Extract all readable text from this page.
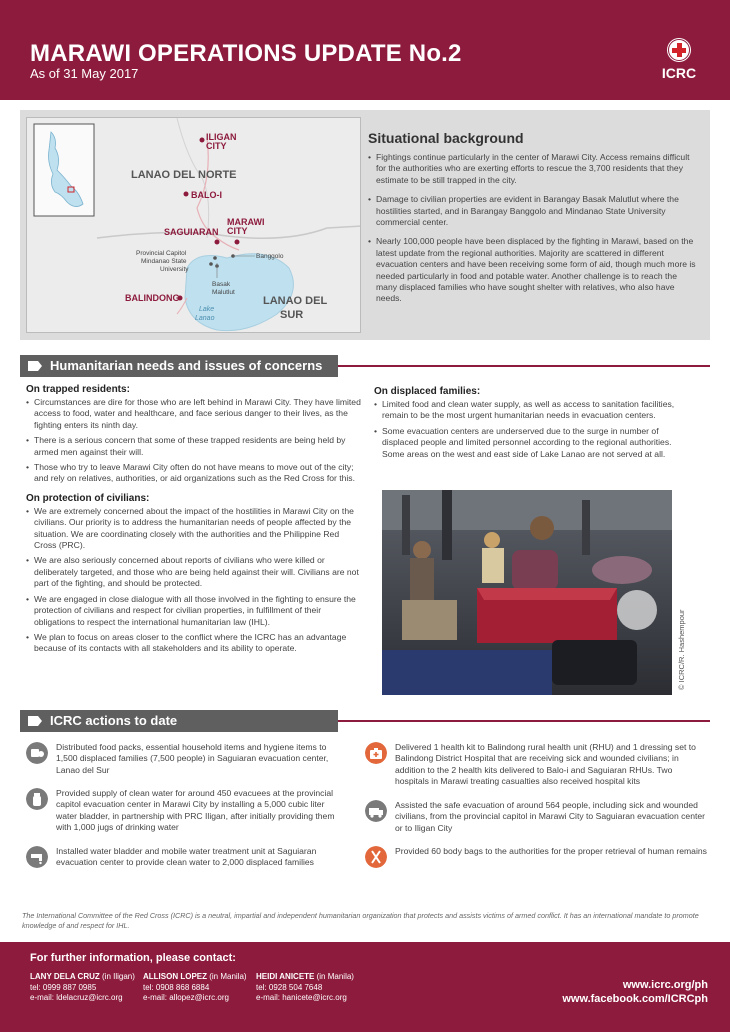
MARAWI OPERATIONS UPDATE No.2
As of 31 May 2017	ICRC
ILIGAN
CITY
LANAO DEL NORTE
BALO-I
MARAWI
CITY
SAGUIARAN
Provincial Capitol
Mindanao State
University
Banggolo
Basak
Malutlut
BALINDONG
Lake
Lanao
LANAO DEL
SUR
Situational background
• Fightings continue particularly in the center of Marawi City. Access remains difficult for the authorities who are exerting efforts to rescue the 3,700 residents that they estimate to be still trapped in the city.
• Damage to civilian properties are evident in Barangay Basak Malutlut where the hostilities started, and in Barangay Banggolo and Mindanao State University commercial center.
• Nearly 100,000 people have been displaced by the fighting in Marawi, based on the latest update from the regional authorities. Majority are scattered in different evacuation centers and have been receiving some form of aid, though much more is needed particularly in food and potable water. Another challenge is to reach the many displaced families who have sought shelter with relatives, who also have needs.
Humanitarian needs and issues of concerns
On trapped residents:
• Circumstances are dire for those who are left behind in Marawi City. They have limited access to food, water and healthcare, and face serious danger to their lives, as the fighting enters its ninth day.
• There is a serious concern that some of these trapped residents are being held by armed men against their will.
• Those who try to leave Marawi City often do not have means to move out of the city; and rely on relatives, authorities, or aid organizations such as the Red Cross for this.
On protection of civilians:
• We are extremely concerned about the impact of the hostilities in Marawi City on the civilians. Our priority is to address the humanitarian needs of people affected by the situation. We are coordinating closely with the authorities and the Philippine Red Cross (PRC).
• We are also seriously concerned about reports of civilians who were killed or deliberately targeted, and those who are being held against their will. Civilians are not part of the fighting, and should be protected.
• We are engaged in close dialogue with all those involved in the fighting to ensure the protection of civilians and respect for civilian properties, in fulfillment of their obligations to respect the international humanitarian law (IHL).
• We plan to focus on areas closer to the conflict where the ICRC has an advantage because of its contacts with all stakeholders and its ability to operate.
On displaced families:
• Limited food and clean water supply, as well as access to sanitation facilities, remain to be the most urgent humanitarian needs in evacuation centers.
• Some evacuation centers are underserved due to the surge in number of displaced people and limited personnel according to the regional authorities. Some areas on the west and east side of Lake Lanao are not served at all.
© ICRC/R. Hashempour
ICRC actions to date
Distributed food packs, essential household items and hygiene items to 1,500 displaced families (7,500 people) in Saguiaran evacuation center, Lanao del Sur
Provided supply of clean water for around 450 evacuees at the provincial capitol evacuation center in Marawi City by installing a 5,000 cubic liter water bladder, in partnership with PRC Iligan, after initially providing them with 1,000 jugs of drinking water
Installed water bladder and mobile water treatment unit at Saguiaran evacuation center to provide clean water to 2,000 displaced families
Delivered 1 health kit to Balindong rural health unit (RHU) and 1 dressing set to Balindong District Hospital that are receiving sick and wounded civilians; in addition to the 2 health kits delivered to Balo-i and Saguiaran RHUs. Two hospitals in Marawi treating casualties also received hospital kits
Assisted the safe evacuation of around 564 people, including sick and wounded civilians, from the provincial capitol in Marawi City to Saguiaran evacuation center or to Iligan City
Provided 60 body bags to the authorities for the proper retrieval of human remains
The International Committee of the Red Cross (ICRC) is a neutral, impartial and independent humanitarian organization that protects and assists victims of armed conflict. It has an international mandate to promote knowledge of and respect for IHL.
For further information, please contact:
LANY DELA CRUZ (in Iligan)
tel: 0999 887 0985
e-mail: ldelacruz@icrc.org
ALLISON LOPEZ (in Manila)
tel: 0908 868 6884
e-mail: allopez@icrc.org
HEIDI ANICETE (in Manila)
tel: 0928 504 7648
e-mail: hanicete@icrc.org
www.icrc.org/ph
www.facebook.com/ICRCph
